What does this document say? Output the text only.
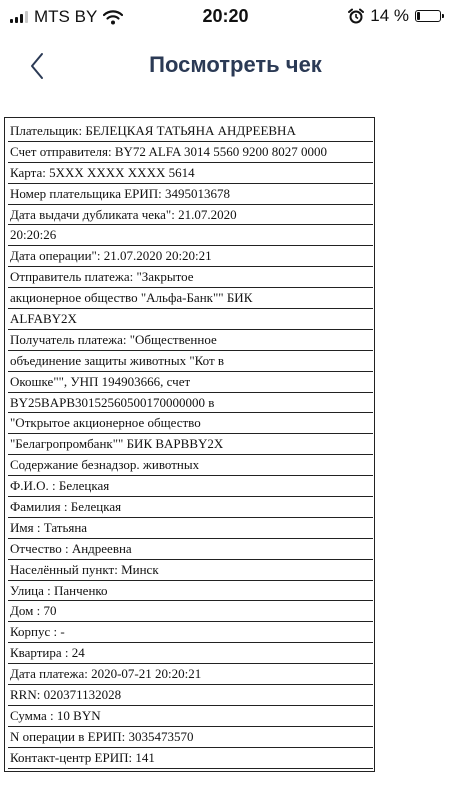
MTS BY	20:20	14 %
Посмотреть чек
Плательщик: БЕЛЕЦКАЯ ТАТЬЯНА АНДРЕЕВНА
Счет отправителя: BY72 ALFA 3014 5560 9200 8027 0000
Карта: 5XXX XXXX XXXX 5614
Номер плательщика ЕРИП: 3495013678
Дата выдачи дубликата чека": 21.07.2020
20:20:26
Дата операции": 21.07.2020 20:20:21
Отправитель платежа: "Закрытое
акционерное общество "Альфа-Банк"" БИК
ALFABY2X
Получатель платежа: "Общественное
объединение защиты животных "Кот в
Окошке"", УНП 194903666, счет
BY25BAPB30152560500170000000 в
"Открытое акционерное общество
"Белагропромбанк"" БИК BAPBBY2X
Содержание безнадзор. животных
Ф.И.О. : Белецкая
Фамилия : Белецкая
Имя : Татьяна
Отчество : Андреевна
Населённый пункт: Минск
Улица : Панченко
Дом : 70
Корпус : -
Квартира : 24
Дата платежа: 2020-07-21 20:20:21
RRN: 020371132028
Сумма : 10 BYN
N операции в ЕРИП: 3035473570
Контакт-центр ЕРИП: 141
